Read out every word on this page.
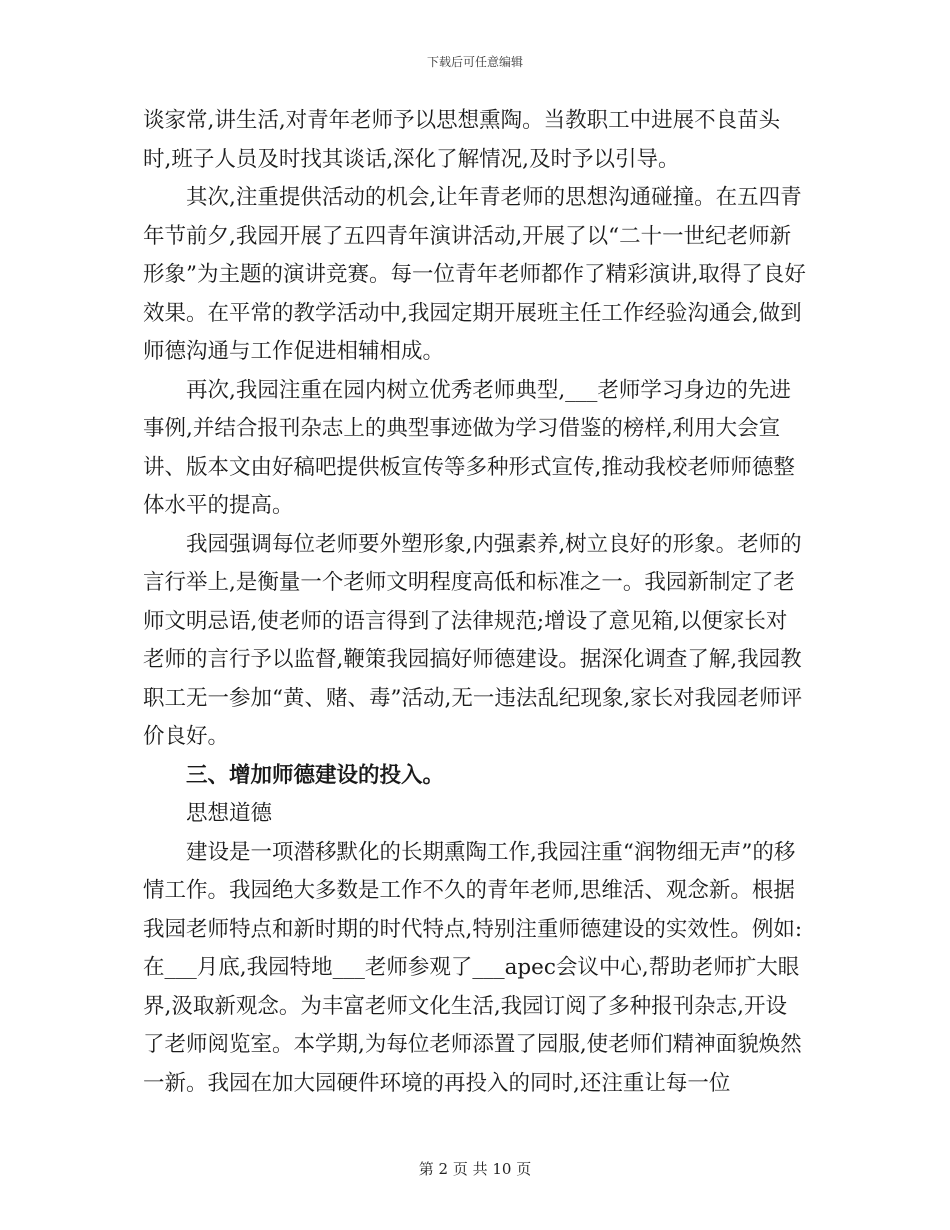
下载后可任意编辑

谈家常,讲生活,对青年老师予以思想熏陶。当教职工中进展不良苗头时,班子人员及时找其谈话,深化了解情况,及时予以引导。

其次,注重提供活动的机会,让年青老师的思想沟通碰撞。在五四青年节前夕,我园开展了五四青年演讲活动,开展了以“二十一世纪老师新形象”为主题的演讲竞赛。每一位青年老师都作了精彩演讲,取得了良好效果。在平常的教学活动中,我园定期开展班主任工作经验沟通会,做到师德沟通与工作促进相辅相成。

再次,我园注重在园内树立优秀老师典型,___老师学习身边的先进事例,并结合报刊杂志上的典型事迹做为学习借鉴的榜样,利用大会宣讲、版本文由好稿吧提供板宣传等多种形式宣传,推动我校老师师德整体水平的提高。

我园强调每位老师要外塑形象,内强素养,树立良好的形象。老师的言行举上,是衡量一个老师文明程度高低和标准之一。我园新制定了老师文明忌语,使老师的语言得到了法律规范;增设了意见箱,以便家长对老师的言行予以监督,鞭策我园搞好师德建设。据深化调查了解,我园教职工无一参加“黄、赌、毒”活动,无一违法乱纪现象,家长对我园老师评价良好。

三、增加师德建设的投入。

思想道德

建设是一项潜移默化的长期熏陶工作,我园注重“润物细无声”的移情工作。我园绝大多数是工作不久的青年老师,思维活、观念新。根据我园老师特点和新时期的时代特点,特别注重师德建设的实效性。例如:在___月底,我园特地___老师参观了___apec会议中心,帮助老师扩大眼界,汲取新观念。为丰富老师文化生活,我园订阅了多种报刊杂志,开设了老师阅览室。本学期,为每位老师添置了园服,使老师们精神面貌焕然一新。我园在加大园硬件环境的再投入的同时,还注重让每一位

第 2 页 共 10 页
